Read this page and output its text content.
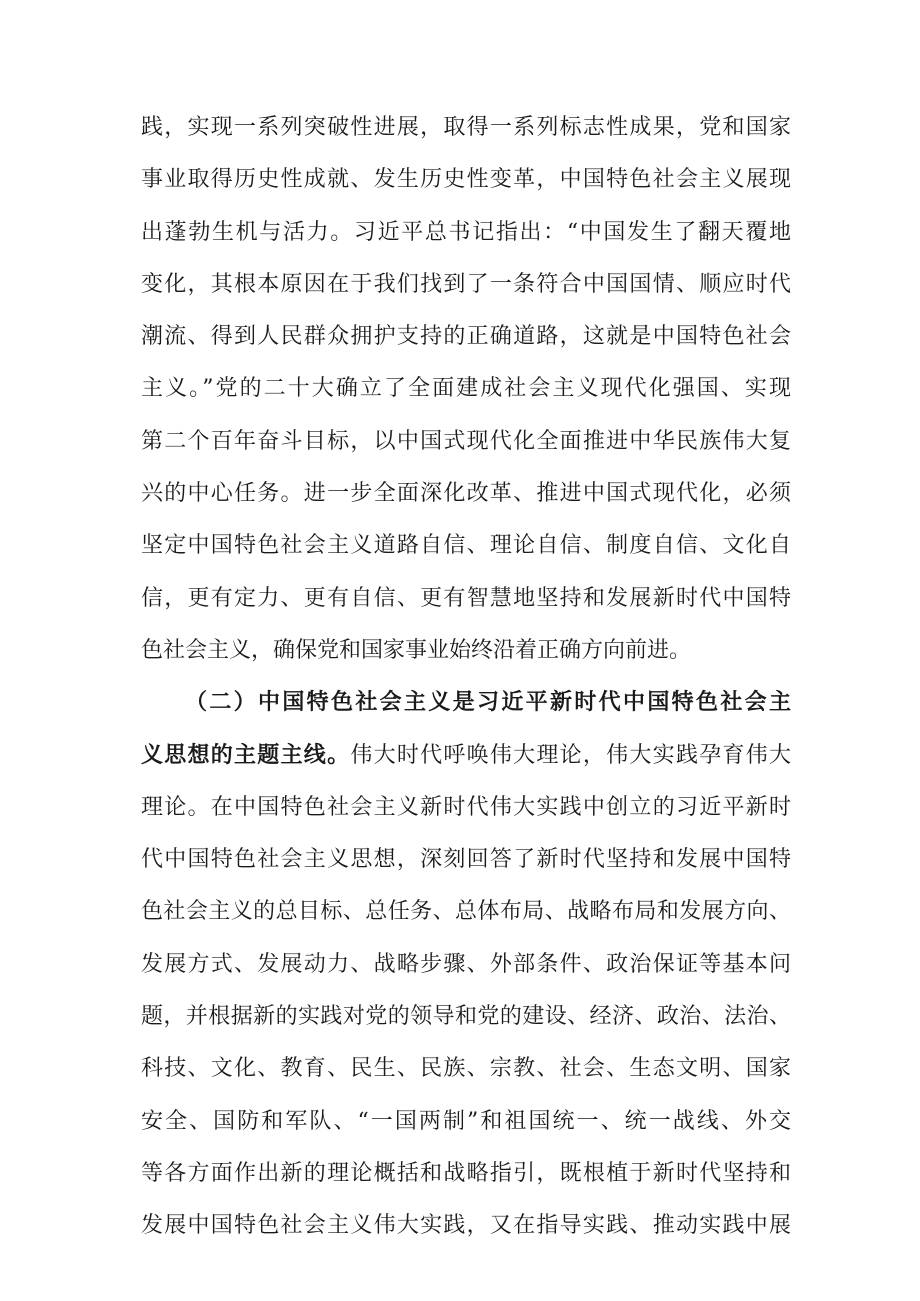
践，实现一系列突破性进展，取得一系列标志性成果，党和国家
事业取得历史性成就、发生历史性变革，中国特色社会主义展现
出蓬勃生机与活力。习近平总书记指出：“中国发生了翻天覆地
变化，其根本原因在于我们找到了一条符合中国国情、顺应时代
潮流、得到人民群众拥护支持的正确道路，这就是中国特色社会
主义。”党的二十大确立了全面建成社会主义现代化强国、实现
第二个百年奋斗目标，以中国式现代化全面推进中华民族伟大复
兴的中心任务。进一步全面深化改革、推进中国式现代化，必须
坚定中国特色社会主义道路自信、理论自信、制度自信、文化自
信，更有定力、更有自信、更有智慧地坚持和发展新时代中国特
色社会主义，确保党和国家事业始终沿着正确方向前进。
（二）中国特色社会主义是习近平新时代中国特色社会主
义思想的主题主线。伟大时代呼唤伟大理论，伟大实践孕育伟大
理论。在中国特色社会主义新时代伟大实践中创立的习近平新时
代中国特色社会主义思想，深刻回答了新时代坚持和发展中国特
色社会主义的总目标、总任务、总体布局、战略布局和发展方向、
发展方式、发展动力、战略步骤、外部条件、政治保证等基本问
题，并根据新的实践对党的领导和党的建设、经济、政治、法治、
科技、文化、教育、民生、民族、宗教、社会、生态文明、国家
安全、国防和军队、“一国两制”和祖国统一、统一战线、外交
等各方面作出新的理论概括和战略指引，既根植于新时代坚持和
发展中国特色社会主义伟大实践，又在指导实践、推动实践中展
